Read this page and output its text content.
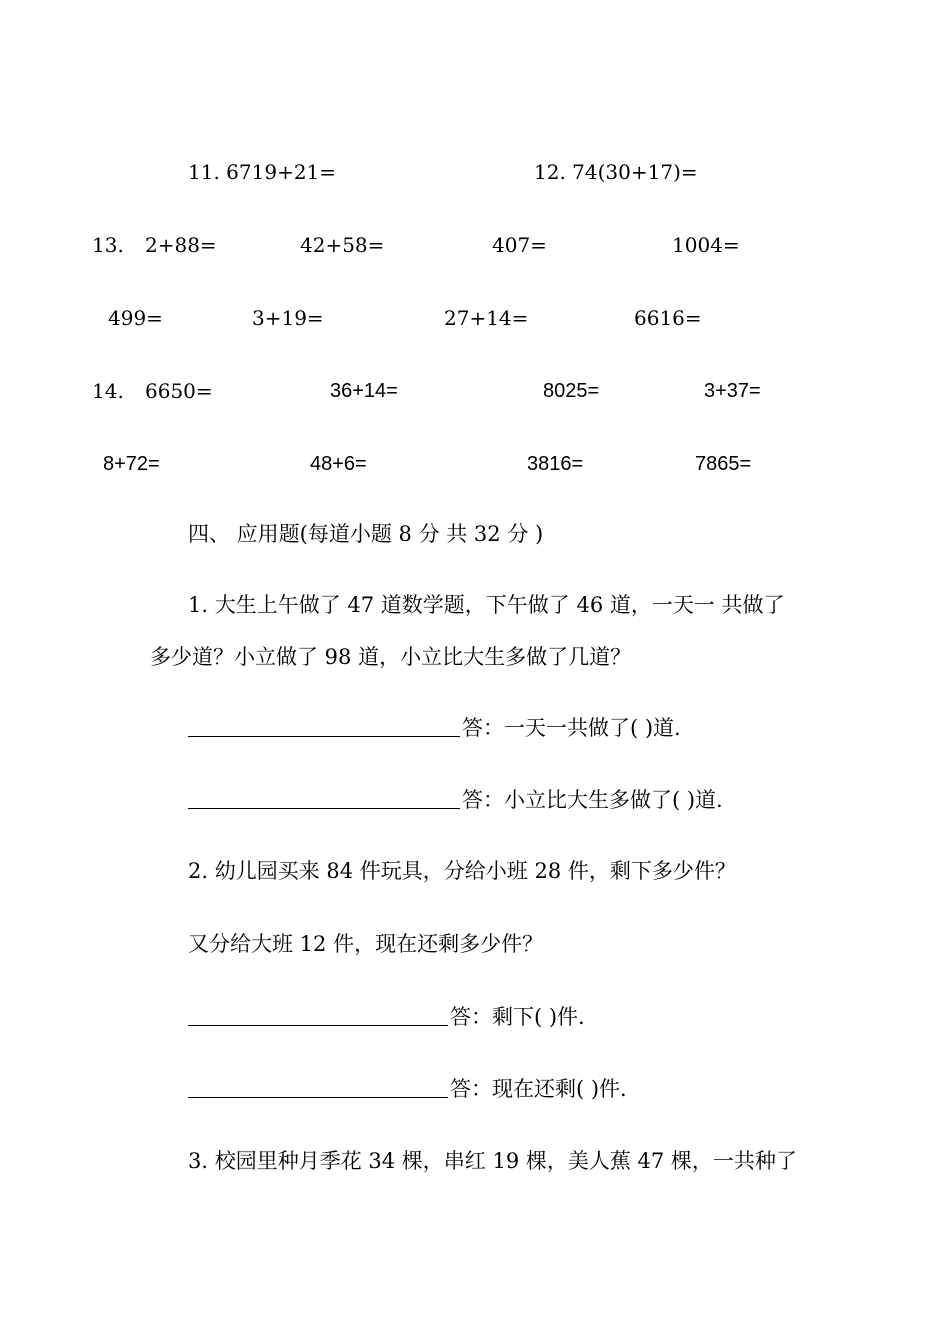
11. 6719+21=	12. 74(30+17)=
13. 2+88=	42+58=	407=	1004=
499=	3+19=	27+14=	6616=
14. 6650=	36+14=	8025=	3+37=
8+72=	48+6=	3816=	7865=
四、 应用题(每道小题 8 分 共 32 分 )
1. 大生上午做了 47 道数学题，下午做了 46 道，一天一 共做了
多少道？小立做了 98 道，小立比大生多做了几道？
答：一天一共做了( )道.
答：小立比大生多做了( )道.
2. 幼儿园买来 84 件玩具，分给小班 28 件，剩下多少件？
又分给大班 12 件，现在还剩多少件？
答：剩下( )件.
答：现在还剩( )件.
3. 校园里种月季花 34 棵，串红 19 棵，美人蕉 47 棵，一共种了
